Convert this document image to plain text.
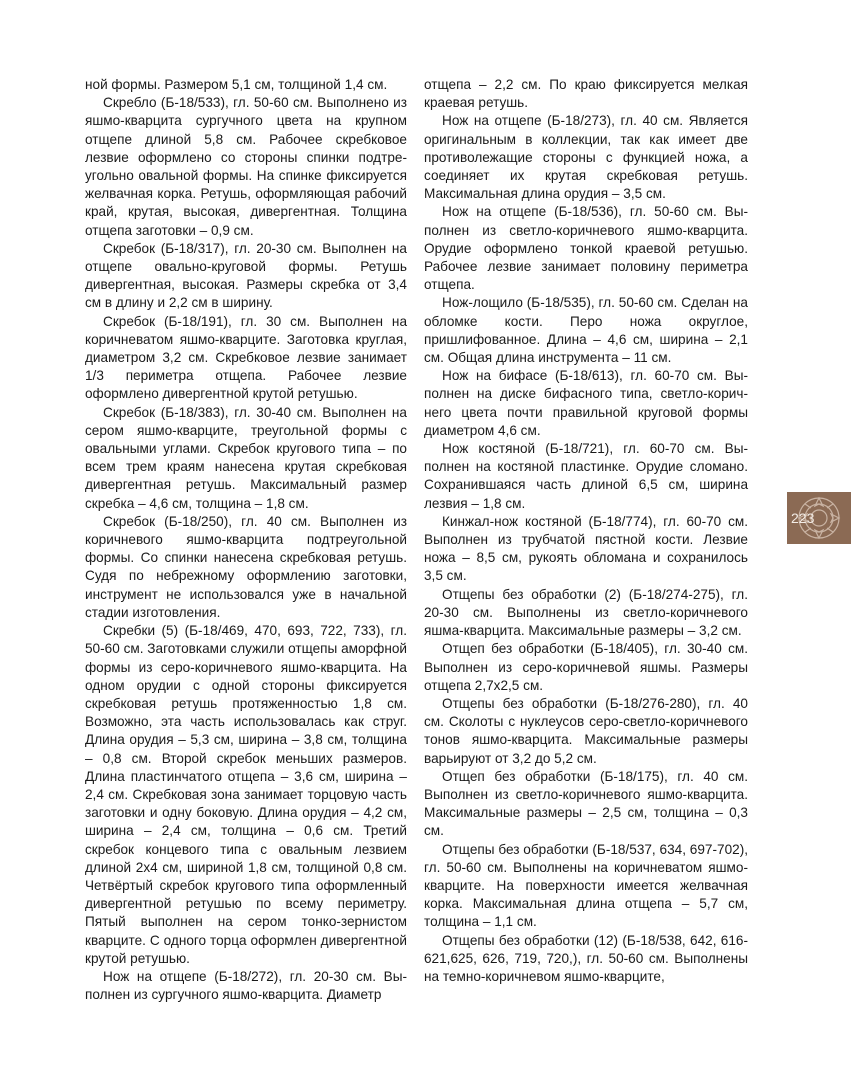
ной формы. Размером 5,1 см, толщиной 1,4 см.

Скребло (Б-18/533), гл. 50-60 см. Выполнено из яшмо-кварцита сургучного цвета на крупном отщепе длиной 5,8 см. Рабочее скребковое лезвие оформлено со стороны спинки подтреугольно овальной формы. На спинке фиксируется желвачная корка. Ретушь, оформляющая рабочий край, крутая, высокая, дивергентная. Толщина отщепа заготовки – 0,9 см.

Скребок (Б-18/317), гл. 20-30 см. Выполнен на отщепе овально-круговой формы. Ретушь дивергентная, высокая. Размеры скребка от 3,4 см в длину и 2,2 см в ширину.

Скребок (Б-18/191), гл. 30 см. Выполнен на коричневатом яшмо-кварците. Заготовка круглая, диаметром 3,2 см. Скребковое лезвие занимает 1/3 периметра отщепа. Рабочее лезвие оформлено дивергентной крутой ретушью.

Скребок (Б-18/383), гл. 30-40 см. Выполнен на сером яшмо-кварците, треугольной формы с овальными углами. Скребок кругового типа – по всем трем краям нанесена крутая скребковая дивергентная ретушь. Максимальный размер скребка – 4,6 см, толщина – 1,8 см.

Скребок (Б-18/250), гл. 40 см. Выполнен из коричневого яшмо-кварцита подтреугольной формы. Со спинки нанесена скребковая ретушь. Судя по небрежному оформлению заготовки, инструмент не использовался уже в начальной стадии изготовления.

Скребки (5) (Б-18/469, 470, 693, 722, 733), гл. 50-60 см. Заготовками служили отщепы аморфной формы из серо-коричневого яшмо-кварцита. На одном орудии с одной стороны фиксируется скребковая ретушь протяженностью 1,8 см. Возможно, эта часть использовалась как струг. Длина орудия – 5,3 см, ширина – 3,8 см, толщина – 0,8 см. Второй скребок меньших размеров. Длина пластинчатого отщепа – 3,6 см, ширина – 2,4 см. Скребковая зона занимает торцовую часть заготовки и одну боковую. Длина орудия – 4,2 см, ширина – 2,4 см, толщина – 0,6 см. Третий скребок концевого типа с овальным лезвием длиной 2х4 см, шириной 1,8 см, толщиной 0,8 см. Четвёртый скребок кругового типа оформленный дивергентной ретушью по всему периметру. Пятый выполнен на сером тонко-зернистом кварците. С одного торца оформлен дивергентной крутой ретушью.

Нож на отщепе (Б-18/272), гл. 20-30 см. Выполнен из сургучного яшмо-кварцита. Диаметр

отщепа – 2,2 см. По краю фиксируется мелкая краевая ретушь.

Нож на отщепе (Б-18/273), гл. 40 см. Является оригинальным в коллекции, так как имеет две противолежащие стороны с функцией ножа, а соединяет их крутая скребковая ретушь. Максимальная длина орудия – 3,5 см.

Нож на отщепе (Б-18/536), гл. 50-60 см. Выполнен из светло-коричневого яшмо-кварцита. Орудие оформлено тонкой краевой ретушью. Рабочее лезвие занимает половину периметра отщепа.

Нож-лощило (Б-18/535), гл. 50-60 см. Сделан на обломке кости. Перо ножа округлое, пришлифованное. Длина – 4,6 см, ширина – 2,1 см. Общая длина инструмента – 11 см.

Нож на бифасе (Б-18/613), гл. 60-70 см. Выполнен на диске бифасного типа, светло-коричнего цвета почти правильной круговой формы диаметром 4,6 см.

Нож костяной (Б-18/721), гл. 60-70 см. Выполнен на костяной пластинке. Орудие сломано. Сохранившаяся часть длиной 6,5 см, ширина лезвия – 1,8 см.

Кинжал-нож костяной (Б-18/774), гл. 60-70 см. Выполнен из трубчатой пястной кости. Лезвие ножа – 8,5 см, рукоять обломана и сохранилось 3,5 см.

Отщепы без обработки (2) (Б-18/274-275), гл. 20-30 см. Выполнены из светло-коричневого яшма-кварцита. Максимальные размеры – 3,2 см.

Отщеп без обработки (Б-18/405), гл. 30-40 см. Выполнен из серо-коричневой яшмы. Размеры отщепа 2,7х2,5 см.

Отщепы без обработки (Б-18/276-280), гл. 40 см. Сколоты с нуклеусов серо-светло-коричневого тонов яшмо-кварцита. Максимальные размеры варьируют от 3,2 до 5,2 см.

Отщеп без обработки (Б-18/175), гл. 40 см. Выполнен из светло-коричневого яшмо-кварцита. Максимальные размеры – 2,5 см, толщина – 0,3 см.

Отщепы без обработки (Б-18/537, 634, 697-702), гл. 50-60 см. Выполнены на коричневатом яшмо-кварците. На поверхности имеется желвачная корка. Максимальная длина отщепа – 5,7 см, толщина – 1,1 см.

Отщепы без обработки (12) (Б-18/538, 642, 616-621,625, 626, 719, 720,), гл. 50-60 см. Выполнены на темно-коричневом яшмо-кварците,

223
